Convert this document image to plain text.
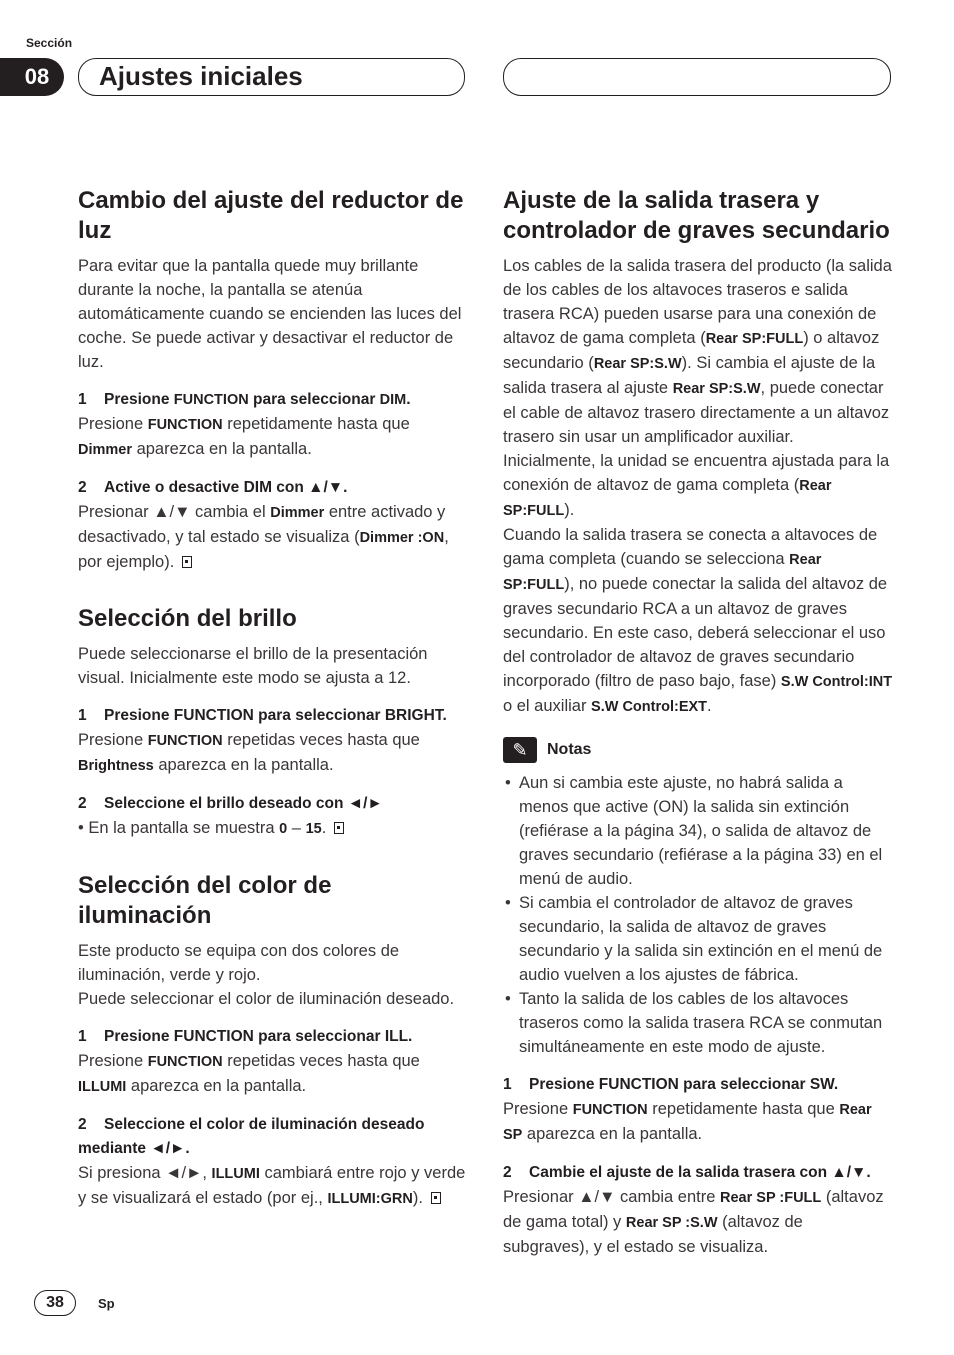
Sección
08	Ajustes iniciales
Cambio del ajuste del reductor de luz

Para evitar que la pantalla quede muy brillante durante la noche, la pantalla se atenúa automáticamente cuando se encienden las luces del coche. Se puede activar y desactivar el reductor de luz.

1 Presione FUNCTION para seleccionar DIM.

Presione FUNCTION repetidamente hasta que Dimmer aparezca en la pantalla.

2 Active o desactive DIM con ▲/▼.

Presionar ▲/▼ cambia el Dimmer entre activado y desactivado, y tal estado se visualiza (Dimmer :ON, por ejemplo).

Selección del brillo

Puede seleccionarse el brillo de la presentación visual. Inicialmente este modo se ajusta a 12.

1 Presione FUNCTION para seleccionar BRIGHT.

Presione FUNCTION repetidas veces hasta que Brightness aparezca en la pantalla.

2 Seleccione el brillo deseado con ◄/►

• En la pantalla se muestra 0 – 15.

Selección del color de iluminación

Este producto se equipa con dos colores de iluminación, verde y rojo.

Puede seleccionar el color de iluminación deseado.

1 Presione FUNCTION para seleccionar ILL.

Presione FUNCTION repetidas veces hasta que ILLUMI aparezca en la pantalla.

2 Seleccione el color de iluminación deseado mediante ◄/►.

Si presiona ◄/►, ILLUMI cambiará entre rojo y verde y se visualizará el estado (por ej., ILLUMI:GRN).

Ajuste de la salida trasera y controlador de graves secundario

Los cables de la salida trasera del producto (la salida de los cables de los altavoces traseros e salida trasera RCA) pueden usarse para una conexión de altavoz de gama completa (Rear SP:FULL) o altavoz secundario (Rear SP:S.W). Si cambia el ajuste de la salida trasera al ajuste Rear SP:S.W, puede conectar el cable de altavoz trasero directamente a un altavoz trasero sin usar un amplificador auxiliar.

Inicialmente, la unidad se encuentra ajustada para la conexión de altavoz de gama completa (Rear SP:FULL).

Cuando la salida trasera se conecta a altavoces de gama completa (cuando se selecciona Rear SP:FULL), no puede conectar la salida del altavoz de graves secundario RCA a un altavoz de graves secundario. En este caso, deberá seleccionar el uso del controlador de altavoz de graves secundario incorporado (filtro de paso bajo, fase) S.W Control:INT o el auxiliar S.W Control:EXT.

✎	Notas
• Aun si cambia este ajuste, no habrá salida a menos que active (ON) la salida sin extinción (refiérase a la página 34), o salida de altavoz de graves secundario (refiérase a la página 33) en el menú de audio.
• Si cambia el controlador de altavoz de graves secundario, la salida de altavoz de graves secundario y la salida sin extinción en el menú de audio vuelven a los ajustes de fábrica.
• Tanto la salida de los cables de los altavoces traseros como la salida trasera RCA se conmutan simultáneamente en este modo de ajuste.

1 Presione FUNCTION para seleccionar SW.

Presione FUNCTION repetidamente hasta que Rear SP aparezca en la pantalla.

2 Cambie el ajuste de la salida trasera con ▲/▼.

Presionar ▲/▼ cambia entre Rear SP :FULL (altavoz de gama total) y Rear SP :S.W (altavoz de subgraves), y el estado se visualiza.

38	Sp
